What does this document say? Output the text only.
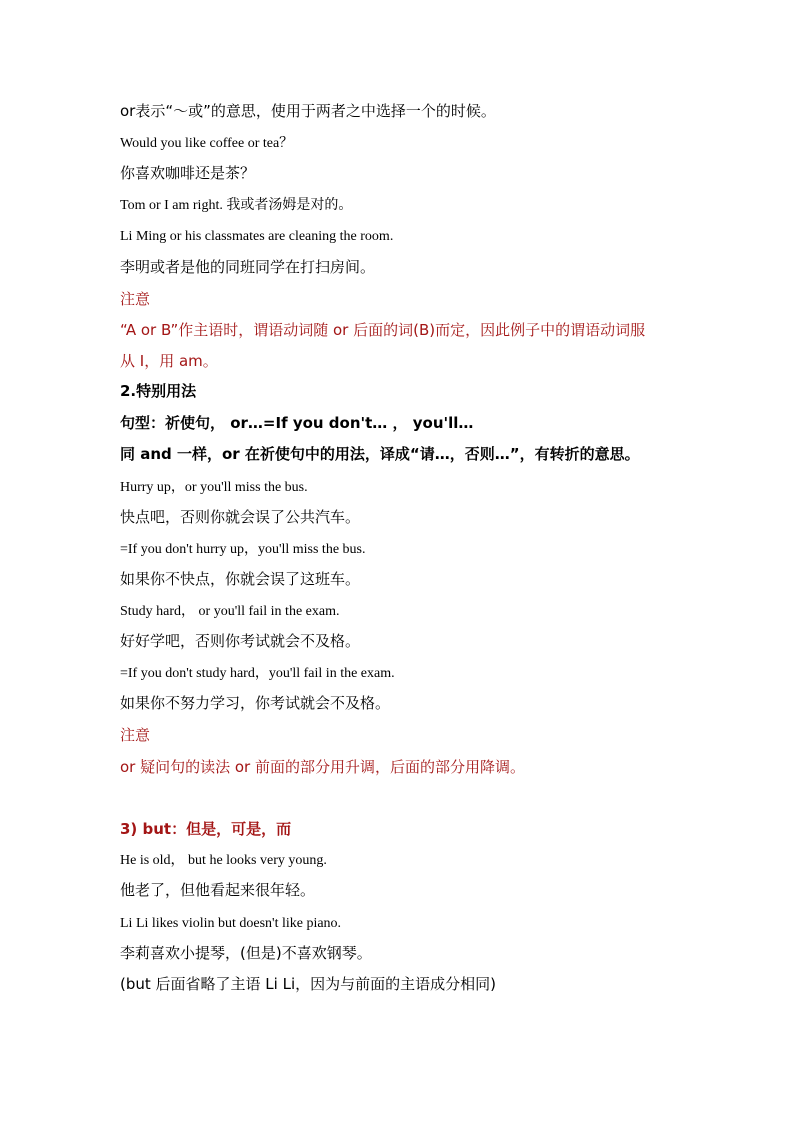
or表示“～或”的意思，使用于两者之中选择一个的时候。
Would you like coffee or tea？
你喜欢咖啡还是茶？
Tom or I am right. 我或者汤姆是对的。
Li Ming or his classmates are cleaning the room.
李明或者是他的同班同学在打扫房间。
注意
“A or B”作主语时，谓语动词随 or 后面的词(B)而定，因此例子中的谓语动词服
从 I，用 am。
2.特别用法
句型：祈使句， or…=If you don't… ， you'll…
同 and 一样，or 在祈使句中的用法，译成“请…，否则…”，有转折的意思。
Hurry up，or you'll miss the bus.
快点吧，否则你就会误了公共汽车。
=If you don't hurry up，you'll miss the bus.
如果你不快点，你就会误了这班车。
Study hard， or you'll fail in the exam.
好好学吧，否则你考试就会不及格。
=If you don't study hard，you'll fail in the exam.
如果你不努力学习，你考试就会不及格。
注意
or 疑问句的读法 or 前面的部分用升调，后面的部分用降调。
3) but：但是，可是，而
He is old， but he looks very young.
他老了，但他看起来很年轻。
Li Li likes violin but doesn't like piano.
李莉喜欢小提琴，(但是)不喜欢钢琴。
(but 后面省略了主语 Li Li，因为与前面的主语成分相同)
